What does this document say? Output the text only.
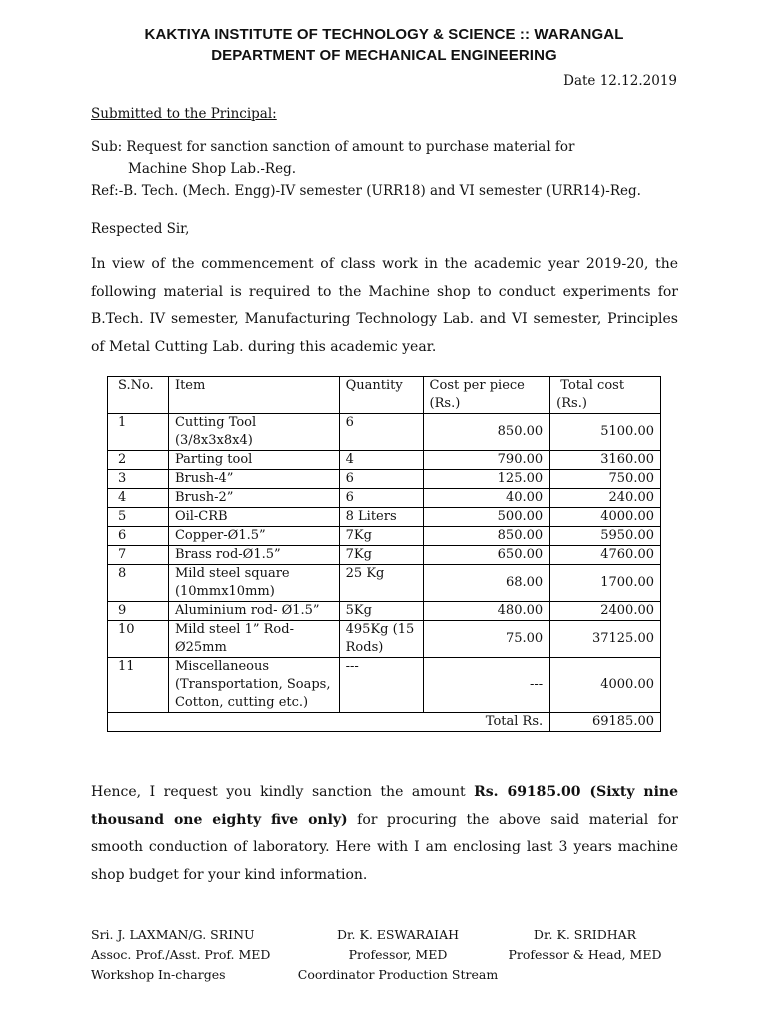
KAKTIYA INSTITUTE OF TECHNOLOGY & SCIENCE :: WARANGAL
DEPARTMENT OF MECHANICAL ENGINEERING
Date 12.12.2019
Submitted to the Principal:
Sub: Request for sanction sanction of amount to purchase material for
Machine Shop Lab.-Reg.
Ref:-B. Tech. (Mech. Engg)-IV semester (URR18) and VI semester (URR14)-Reg.
Respected Sir,
In view of the commencement of class work in the academic year 2019-20, the following material is required to the Machine shop to conduct experiments for B.Tech. IV semester, Manufacturing Technology Lab. and VI semester, Principles of Metal Cutting Lab. during this academic year.
S.No.	Item	Quantity	Cost per piece (Rs.)	Total cost (Rs.)
1	Cutting Tool (3/8x3x8x4)	6	850.00	5100.00
2	Parting tool	4	790.00	3160.00
3	Brush-4”	6	125.00	750.00
4	Brush-2”	6	40.00	240.00
5	Oil-CRB	8 Liters	500.00	4000.00
6	Copper-Ø1.5”	7Kg	850.00	5950.00
7	Brass rod-Ø1.5”	7Kg	650.00	4760.00
8	Mild steel square (10mmx10mm)	25 Kg	68.00	1700.00
9	Aluminium rod- Ø1.5”	5Kg	480.00	2400.00
10	Mild steel 1” Rod- Ø25mm	495Kg (15 Rods)	75.00	37125.00
11	Miscellaneous (Transportation, Soaps, Cotton, cutting etc.)	---	---	4000.00
			Total Rs.	69185.00
Hence, I request you kindly sanction the amount Rs. 69185.00 (Sixty nine thousand one eighty five only) for procuring the above said material for smooth conduction of laboratory. Here with I am enclosing last 3 years machine shop budget for your kind information.
Sri. J. LAXMAN/G. SRINU
Assoc. Prof./Asst. Prof. MED
Workshop In-charges
Dr. K. ESWARAIAH
Professor, MED
Coordinator Production Stream
Dr. K. SRIDHAR
Professor & Head, MED
